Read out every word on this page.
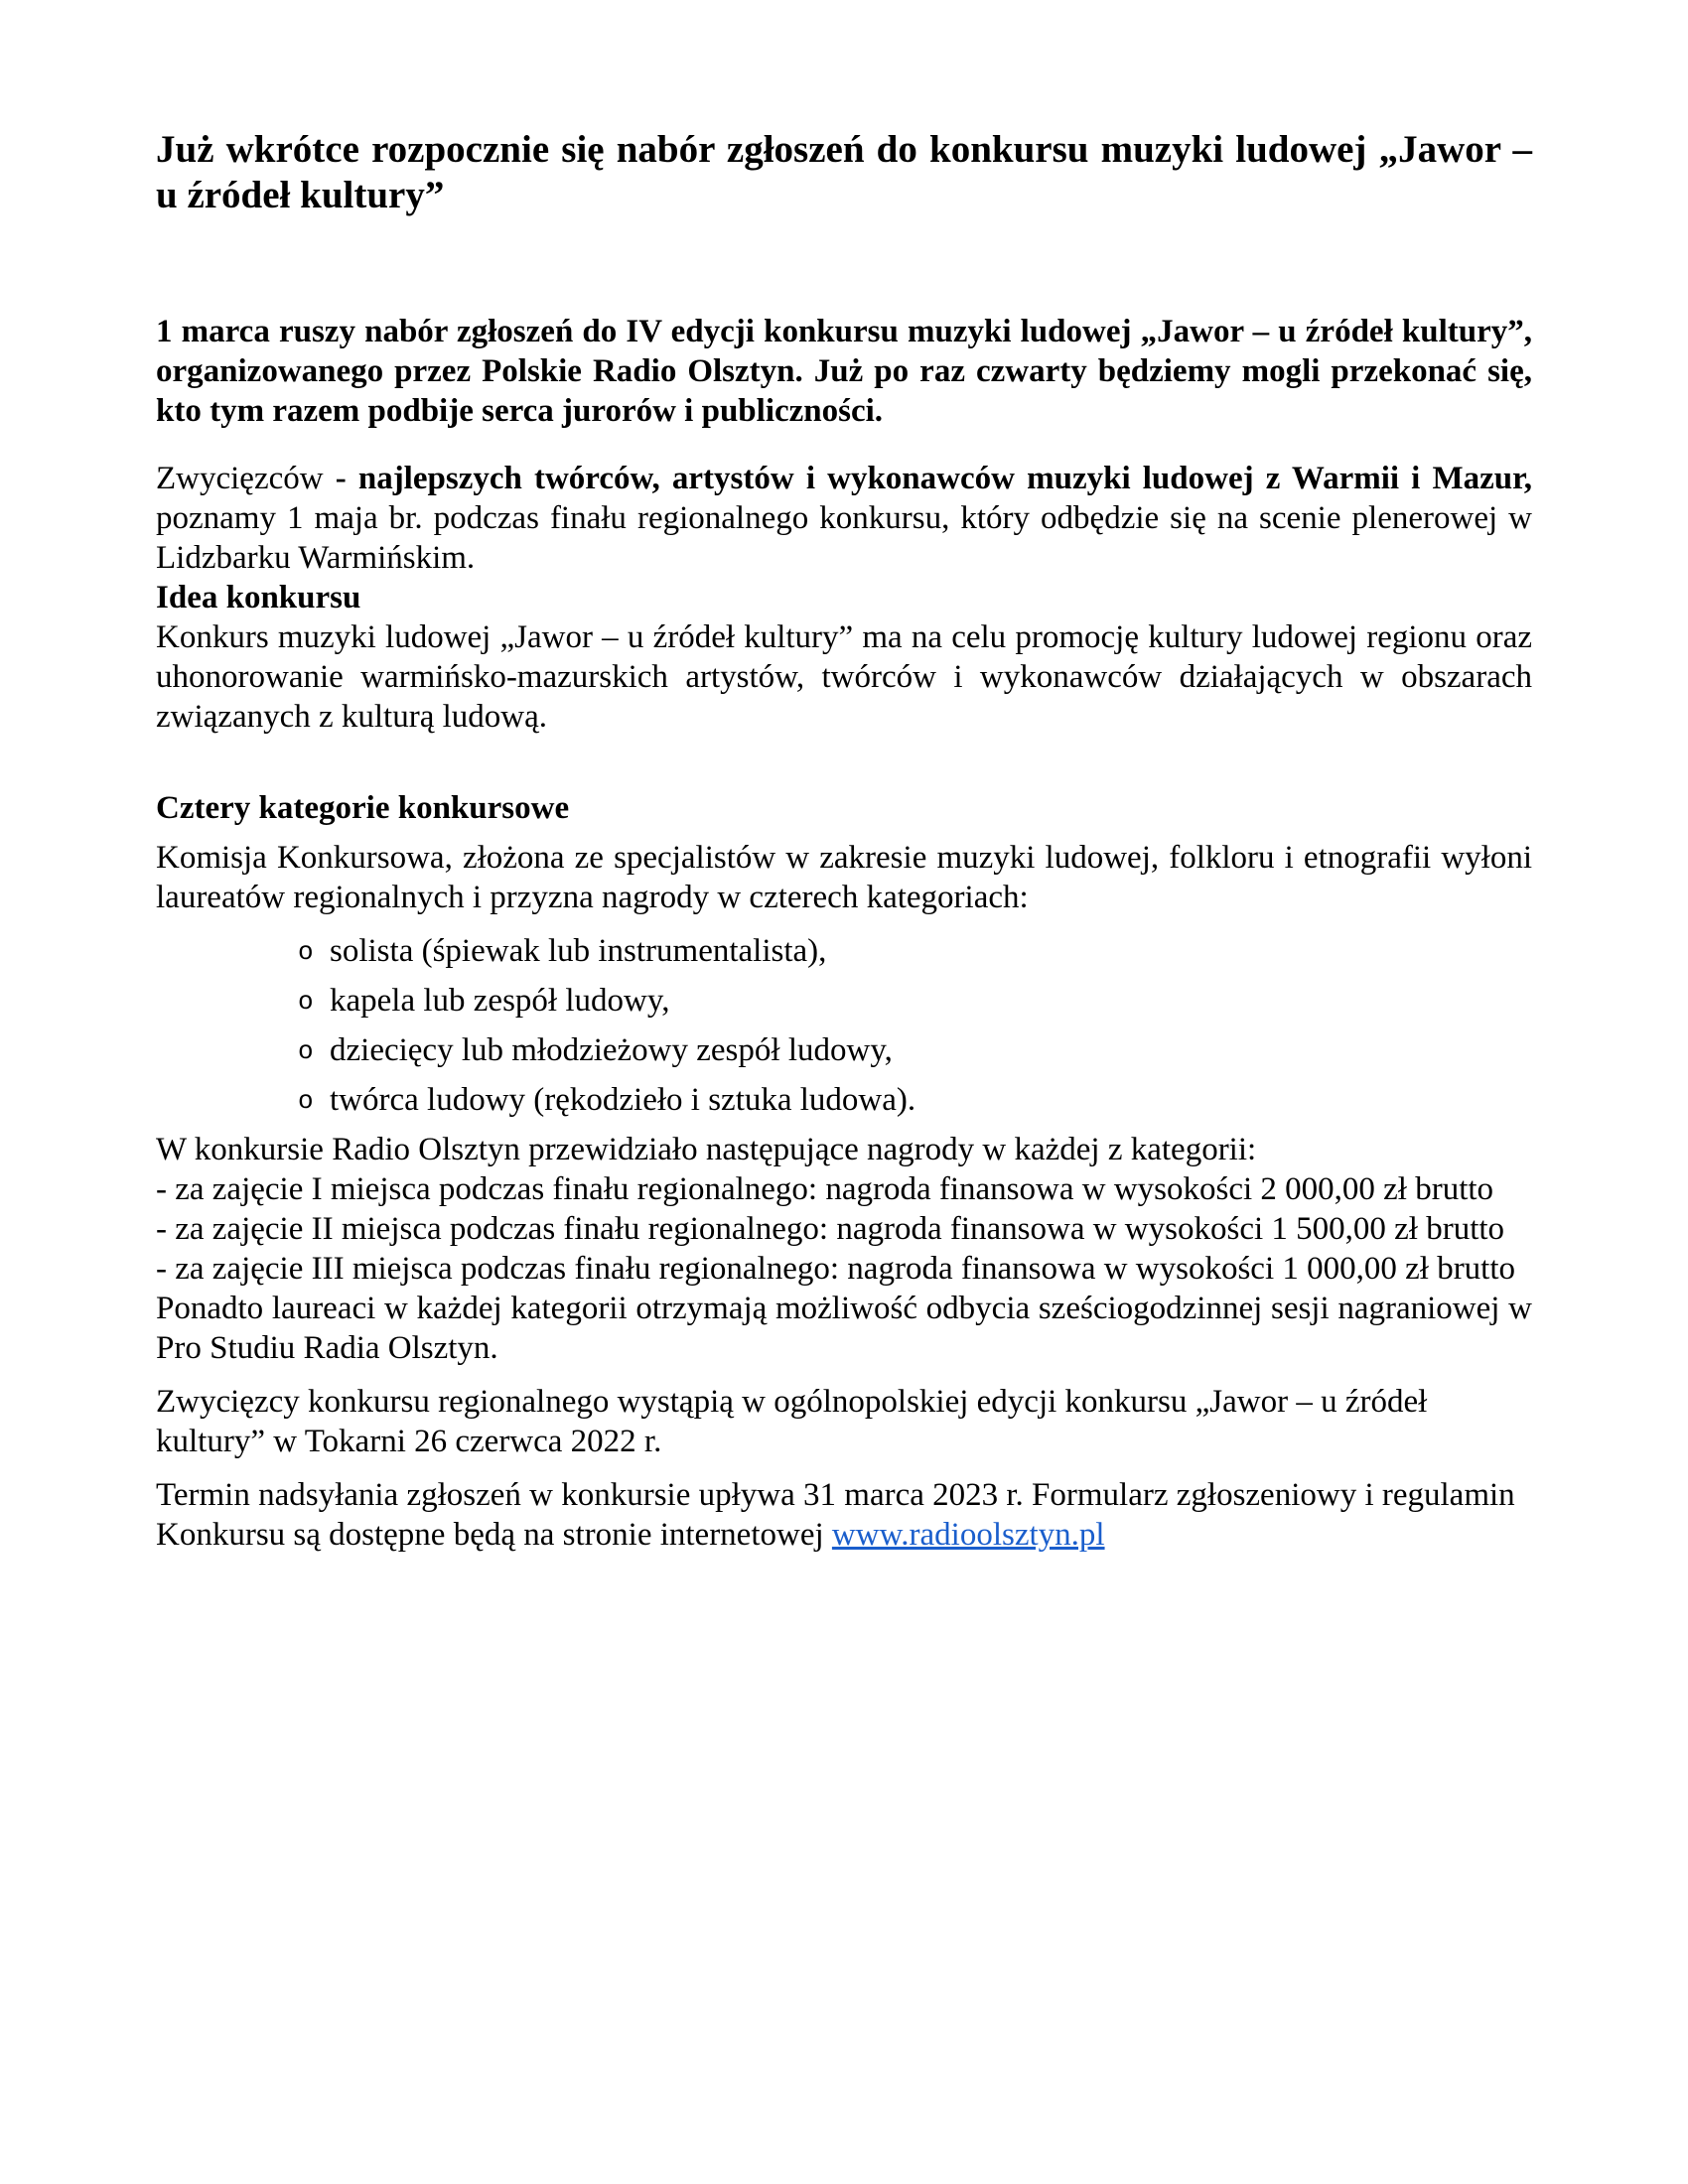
Już wkrótce rozpocznie się nabór zgłoszeń do konkursu muzyki ludowej „Jawor – u źródeł kultury”

1 marca ruszy nabór zgłoszeń do IV edycji konkursu muzyki ludowej „Jawor – u źródeł kultury”, organizowanego przez Polskie Radio Olsztyn. Już po raz czwarty będziemy mogli przekonać się, kto tym razem podbije serca jurorów i publiczności.

Zwycięzców - najlepszych twórców, artystów i wykonawców muzyki ludowej z Warmii i Mazur, poznamy 1 maja br. podczas finału regionalnego konkursu, który odbędzie się na scenie plenerowej w Lidzbarku Warmińskim.

Idea konkursu

Konkurs muzyki ludowej „Jawor – u źródeł kultury” ma na celu promocję kultury ludowej regionu oraz uhonorowanie warmińsko-mazurskich artystów, twórców i wykonawców działających w obszarach związanych z kulturą ludową.

Cztery kategorie konkursowe

Komisja Konkursowa, złożona ze specjalistów w zakresie muzyki ludowej, folkloru i etnografii wyłoni laureatów regionalnych i przyzna nagrody w czterech kategoriach:

o solista (śpiewak lub instrumentalista),
o kapela lub zespół ludowy,
o dziecięcy lub młodzieżowy zespół ludowy,
o twórca ludowy (rękodzieło i sztuka ludowa).
W konkursie Radio Olsztyn przewidziało następujące nagrody w każdej z kategorii:
- za zajęcie I miejsca podczas finału regionalnego: nagroda finansowa w wysokości 2 000,00 zł brutto
- za zajęcie II miejsca podczas finału regionalnego: nagroda finansowa w wysokości 1 500,00 zł brutto
- za zajęcie III miejsca podczas finału regionalnego: nagroda finansowa w wysokości 1 000,00 zł brutto

Ponadto laureaci w każdej kategorii otrzymają możliwość odbycia sześciogodzinnej sesji nagraniowej w Pro Studiu Radia Olsztyn.

Zwycięzcy konkursu regionalnego wystąpią w ogólnopolskiej edycji konkursu „Jawor – u źródeł kultury” w Tokarni 26 czerwca 2022 r.

Termin nadsyłania zgłoszeń w konkursie upływa 31 marca 2023 r. Formularz zgłoszeniowy i regulamin Konkursu są dostępne będą na stronie internetowej www.radioolsztyn.pl
